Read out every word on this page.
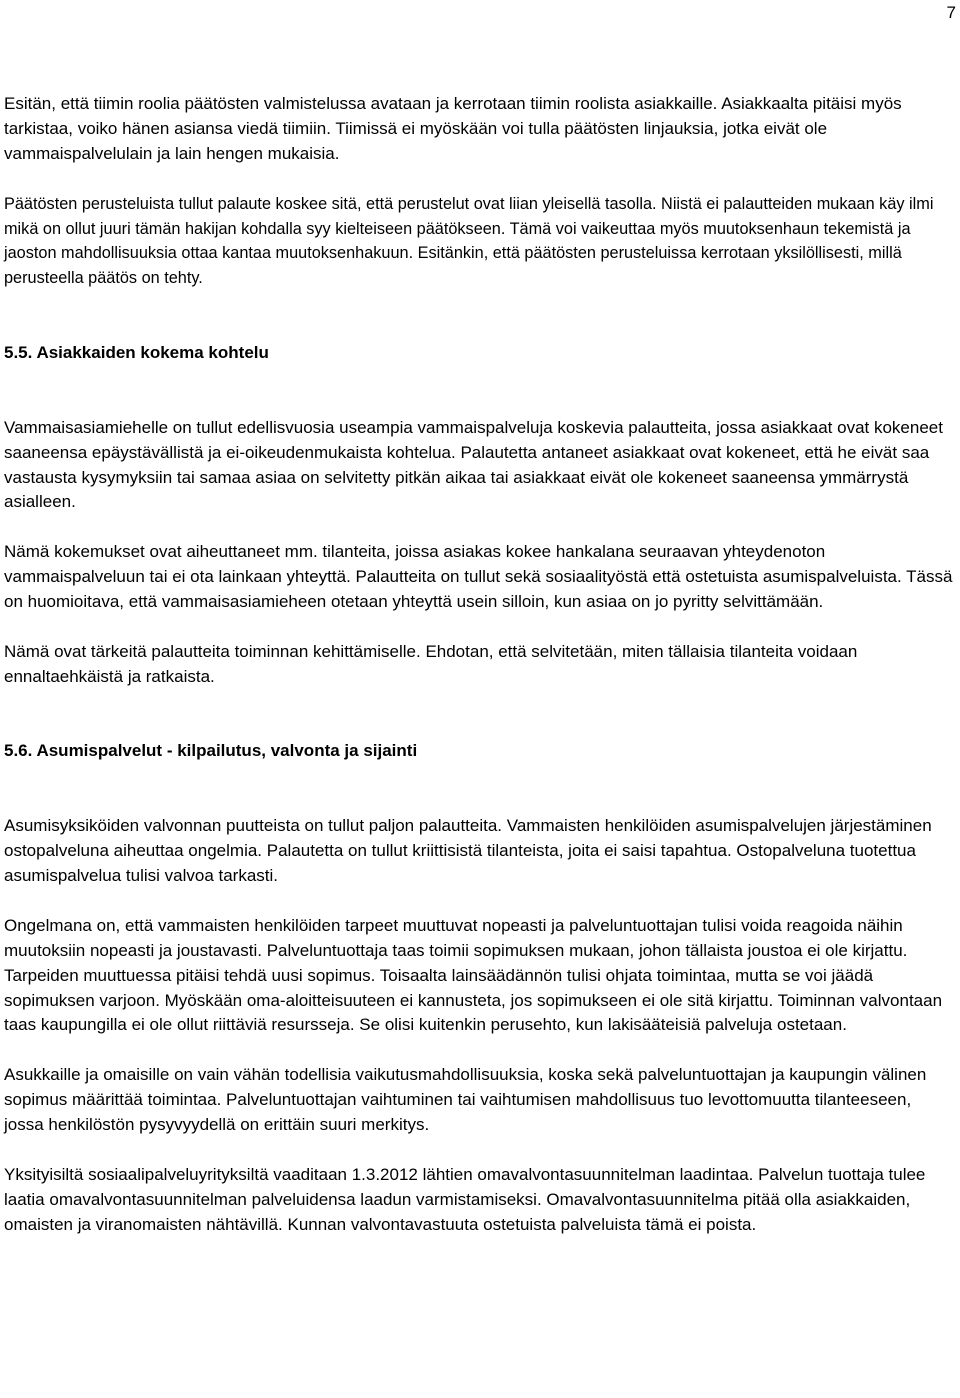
7

Esitän, että tiimin roolia päätösten valmistelussa avataan ja kerrotaan tiimin roolista asiakkaille. Asiakkaalta pitäisi myös tarkistaa, voiko hänen asiansa viedä tiimiin. Tiimissä ei myöskään voi tulla päätösten linjauksia, jotka eivät ole vammaispalvelulain ja lain hengen mukaisia.

Päätösten perusteluista tullut palaute koskee sitä, että perustelut ovat liian yleisellä tasolla. Niistä ei palautteiden mukaan käy ilmi mikä on ollut juuri tämän hakijan kohdalla syy kielteiseen päätökseen. Tämä voi vaikeuttaa myös muutoksenhaun tekemistä ja jaoston mahdollisuuksia ottaa kantaa muutoksenhakuun. Esitänkin, että päätösten perusteluissa kerrotaan yksilöllisesti, millä perusteella päätös on tehty.

5.5. Asiakkaiden kokema kohtelu

Vammaisasiamiehelle on tullut edellisvuosia useampia vammaispalveluja koskevia palautteita, jossa asiakkaat ovat kokeneet saaneensa epäystävällistä ja ei-oikeudenmukaista kohtelua. Palautetta antaneet asiakkaat ovat kokeneet, että he eivät saa vastausta kysymyksiin tai samaa asiaa on selvitetty pitkän aikaa tai asiakkaat eivät ole kokeneet saaneensa ymmärrystä asialleen.

Nämä kokemukset ovat aiheuttaneet mm. tilanteita, joissa asiakas kokee hankalana seuraavan yhteydenoton vammaispalveluun tai ei ota lainkaan yhteyttä. Palautteita on tullut sekä sosiaalityöstä että ostetuista asumispalveluista. Tässä on huomioitava, että vammaisasiamieheen otetaan yhteyttä usein silloin, kun asiaa on jo pyritty selvittämään.

Nämä ovat tärkeitä palautteita toiminnan kehittämiselle. Ehdotan, että selvitetään, miten tällaisia tilanteita voidaan ennaltaehkäistä ja ratkaista.

5.6. Asumispalvelut - kilpailutus, valvonta ja sijainti

Asumisyksiköiden valvonnan puutteista on tullut paljon palautteita. Vammaisten henkilöiden asumispalvelujen järjestäminen ostopalveluna aiheuttaa ongelmia. Palautetta on tullut kriittisistä tilanteista, joita ei saisi tapahtua. Ostopalveluna tuotettua asumispalvelua tulisi valvoa tarkasti.

Ongelmana on, että vammaisten henkilöiden tarpeet muuttuvat nopeasti ja palveluntuottajan tulisi voida reagoida näihin muutoksiin nopeasti ja joustavasti. Palveluntuottaja taas toimii sopimuksen mukaan, johon tällaista joustoa ei ole kirjattu. Tarpeiden muuttuessa pitäisi tehdä uusi sopimus. Toisaalta lainsäädännön tulisi ohjata toimintaa, mutta se voi jäädä sopimuksen varjoon. Myöskään oma-aloitteisuuteen ei kannusteta, jos sopimukseen ei ole sitä kirjattu. Toiminnan valvontaan taas kaupungilla ei ole ollut riittäviä resursseja. Se olisi kuitenkin perusehto, kun lakisääteisiä palveluja ostetaan.

Asukkaille ja omaisille on vain vähän todellisia vaikutusmahdollisuuksia, koska sekä palveluntuottajan ja kaupungin välinen sopimus määrittää toimintaa. Palveluntuottajan vaihtuminen tai vaihtumisen mahdollisuus tuo levottomuutta tilanteeseen, jossa henkilöstön pysyvyydellä on erittäin suuri merkitys.

Yksityisiltä sosiaalipalveluyrityksiltä vaaditaan 1.3.2012 lähtien omavalvontasuunnitelman laadintaa. Palvelun tuottaja tulee laatia omavalvontasuunnitelman palveluidensa laadun varmistamiseksi. Omavalvontasuunnitelma pitää olla asiakkaiden, omaisten ja viranomaisten nähtävillä. Kunnan valvontavastuuta ostetuista palveluista tämä ei poista.
